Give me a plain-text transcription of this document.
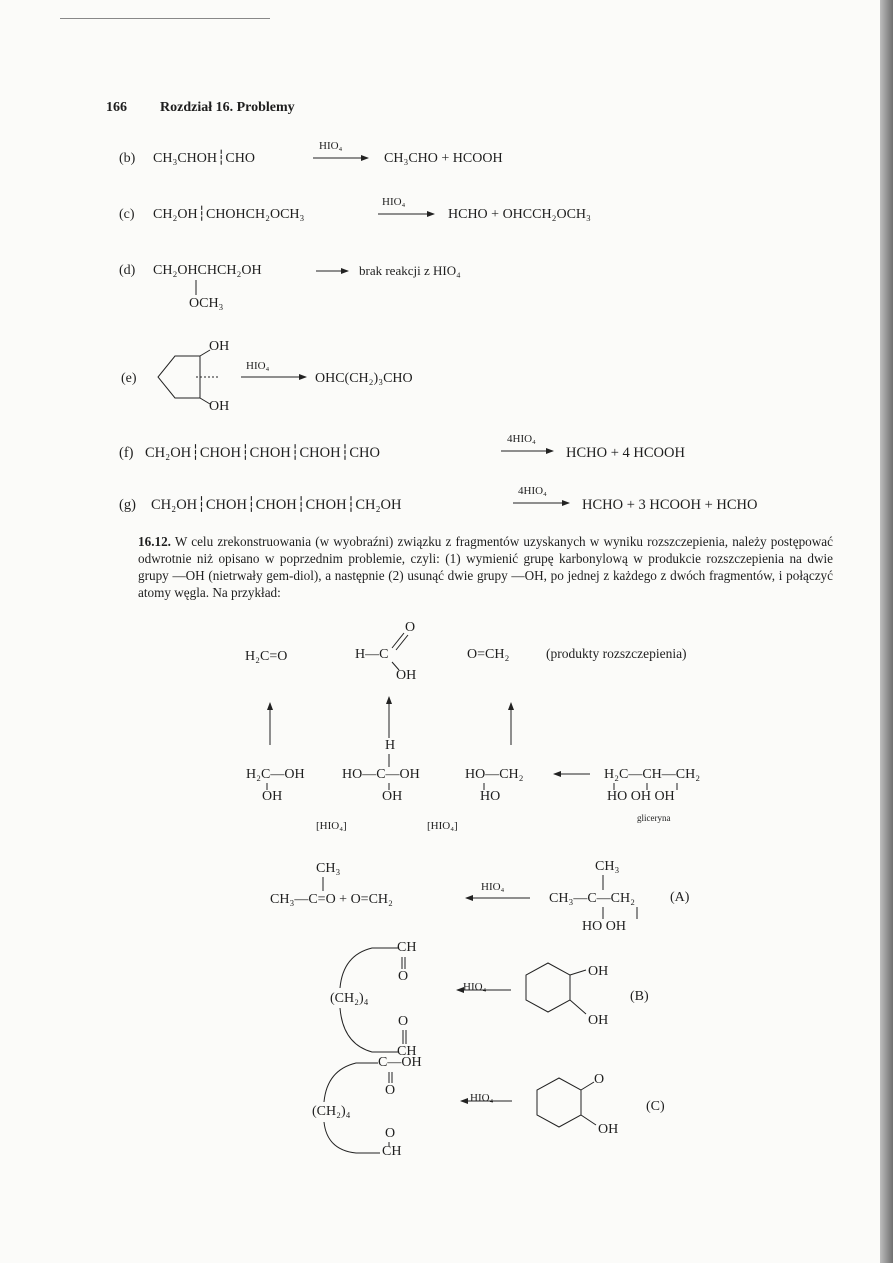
166 Rozdział 16. Problemy
(b) CH₃CHOH┆CHO
HIO₄
CH₃CHO + HCOOH
(c) CH₂OH┆CHOHCH₂OCH₃
HIO₄
HCHO + OHCCH₂OCH₃
(d) CH₂OHCHCH₂OH
OCH₃
brak reakcji z HIO₄
(e)
OH
OH
HIO₄
OHC(CH₂)₃CHO
(f) CH₂OH┆CHOH┆CHOH┆CHOH┆CHO
4HIO₄
HCHO + 4 HCOOH
(g) CH₂OH┆CHOH┆CHOH┆CHOH┆CH₂OH
4HIO₄
HCHO + 3 HCOOH + HCHO

16.12. W celu zrekonstruowania (w wyobraźni) związku z fragmentów uzyskanych w wyniku rozszczepienia, należy postępować odwrotnie niż opisano w poprzednim problemie, czyli: (1) wymienić grupę karbonylową w produkcie rozszczepienia na dwie grupy —OH (nietrwały gem-diol), a następnie (2) usunąć dwie grupy —OH, po jednej z każdego z dwóch fragmentów, i połączyć atomy węgla. Na przykład:

H₂C=O	H—C
O
OH
O=CH₂	(produkty rozszczepienia)
H₂C—OH
OH
H
HO—C—OH
OH
HO—CH₂
HO
H₂C—CH—CH₂
HO OH OH
gliceryna
[HIO₄]	[HIO₄]
CH₃
CH₃—C=O + O=CH₂
HIO₄
CH₃
CH₃—C—CH₂
HO OH
(A)
CH
O
(CH₂)₄
O
CH
HIO₄
OH
OH
(B)
C—OH
O
(CH₂)₄
O
CH
HIO₄
O
OH
(C)
